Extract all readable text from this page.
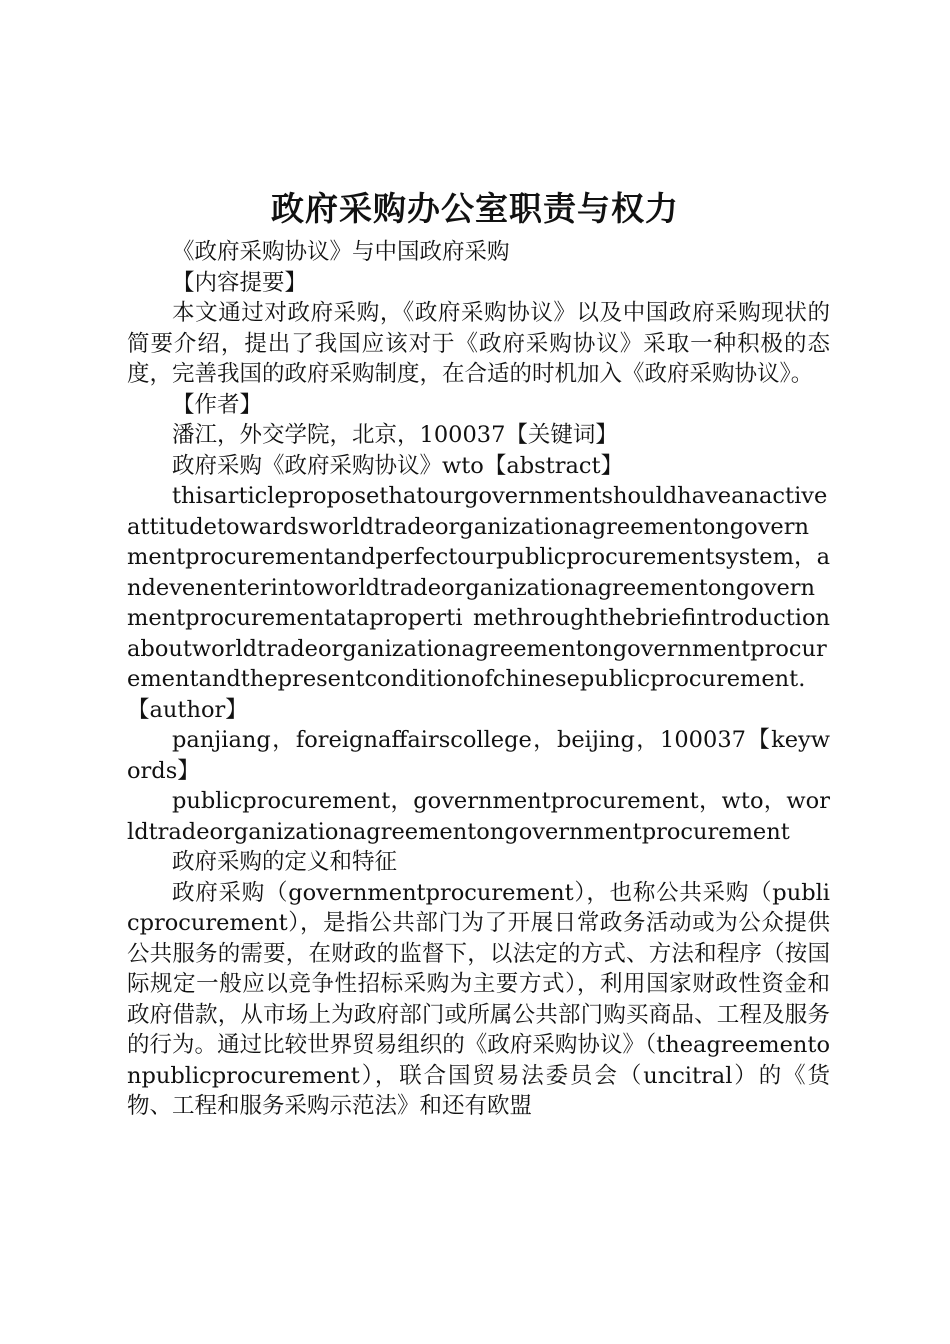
政府采购办公室职责与权力

《政府采购协议》与中国政府采购

【内容提要】

本文通过对政府采购，《政府采购协议》以及中国政府采购现状的简要介绍，提出了我国应该对于《政府采购协议》采取一种积极的态度，完善我国的政府采购制度，在合适的时机加入《政府采购协议》。

【作者】

潘江，外交学院，北京，100037【关键词】

政府采购《政府采购协议》wto【abstract】

thisarticleproposethatourgovernmentshouldhaveanactiveattitudetowardsworldtradeorganizationagreementongovernmentprocurementandperfectourpublicprocurementsystem，andevenenterintoworldtradeorganizationagreementongovernmentprocurementataproperti methroughthebriefintroductionaboutworldtradeorganizationagreementongovernmentprocurementandthepresentconditionofchinesepublicprocurement.

【author】

panjiang，foreignaffairscollege，beijing，100037【keywords】

publicprocurement，governmentprocurement，wto，worldtradeorganizationagreementongovernmentprocurement

政府采购的定义和特征

政府采购（governmentprocurement），也称公共采购（publicprocurement），是指公共部门为了开展日常政务活动或为公众提供公共服务的需要，在财政的监督下，以法定的方式、方法和程序（按国际规定一般应以竞争性招标采购为主要方式），利用国家财政性资金和政府借款，从市场上为政府部门或所属公共部门购买商品、工程及服务的行为。通过比较世界贸易组织的《政府采购协议》（theagreementonpublicprocurement），联合国贸易法委员会（uncitral）的《货物、工程和服务采购示范法》和还有欧盟
